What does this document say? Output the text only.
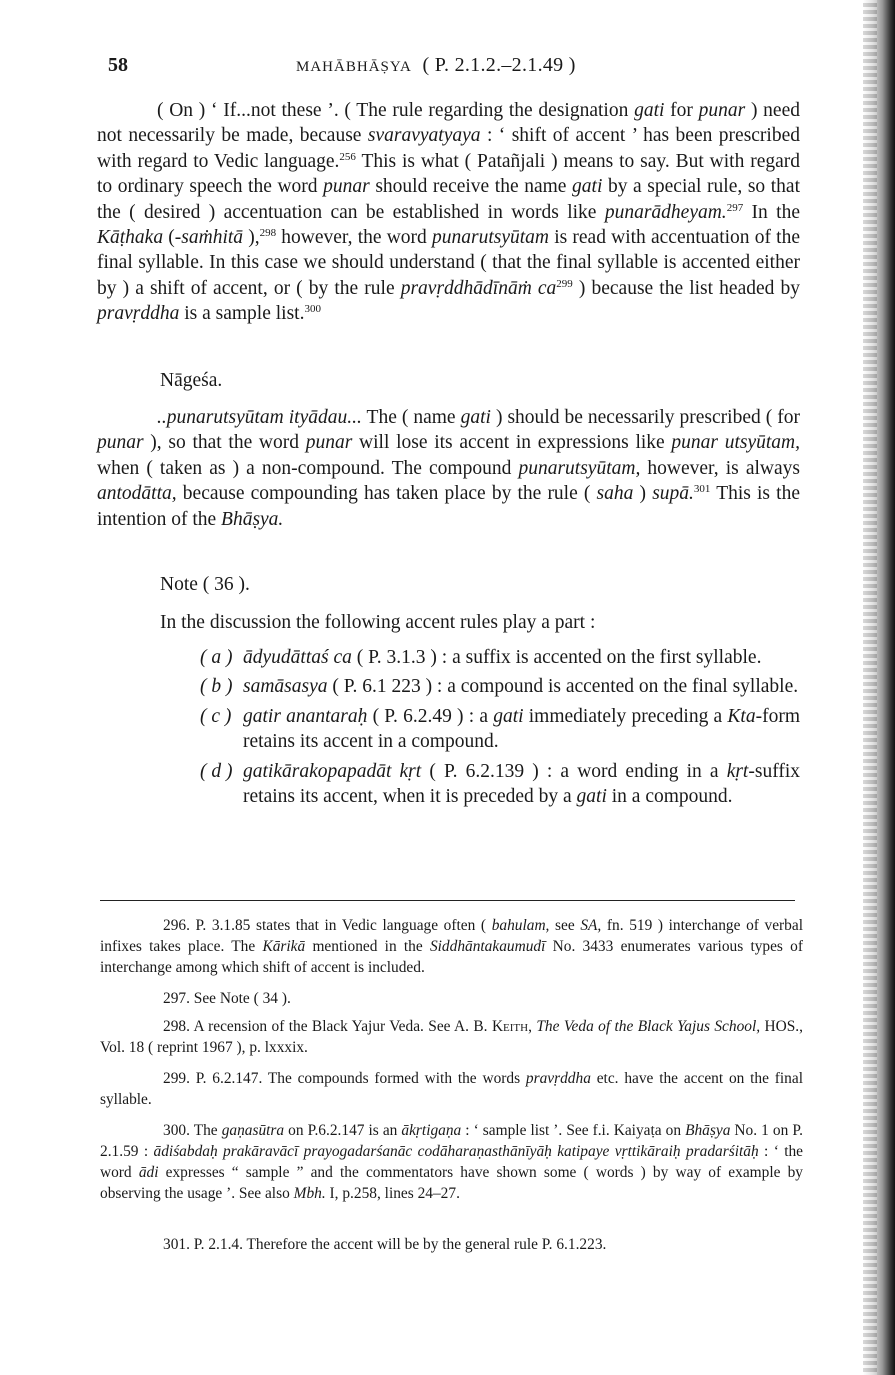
58	MAHĀBHĀṢYA ( P. 2.1.2.–2.1.49 )

( On ) ‘ If...not these ’. ( The rule regarding the designation gati for punar ) need not necessarily be made, because svaravyatyaya : ‘ shift of accent ’ has been prescribed with regard to Vedic language.$^{256}$ This is what ( Patañjali ) means to say. But with regard to ordinary speech the word punar should receive the name gati by a special rule, so that the ( desired ) accentuation can be established in words like punarādheyam.$^{297}$ In the Kāṭhaka (-saṁhitā ),$^{298}$ however, the word punarutsyūtam is read with accentuation of the final syllable. In this case we should understand ( that the final syllable is accented either by ) a shift of accent, or ( by the rule pravṛddhādīnāṁ $ca^{299}$ ) because the list headed by pravṛddha is a sample list.$^{300}$

Nāgeśa.

..punarutsyūtam ityādau... The ( name gati ) should be necessarily prescribed ( for punar ), so that the word punar will lose its accent in expressions like punar utsyūtam, when ( taken as ) a non-compound. The compound punarutsyūtam, however, is always antodātta, because compounding has taken place by the rule ( saha ) supā.$^{301}$ This is the intention of the Bhāṣya.

Note ( 36 ).

In the discussion the following accent rules play a part :

( a ) ādyudāttaś ca ( P. 3.1.3 ) : a suffix is accented on the first syllable.
( b ) samāsasya ( P. 6.1 223 ) : a compound is accented on the final syllable.
( c ) gatir anantaraḥ ( P. 6.2.49 ) : a gati immediately preceding a Kta-form retains its accent in a compound.
( d ) gatikārakopapadāt kṛt ( P. 6.2.139 ) : a word ending in a kṛt-suffix retains its accent, when it is preceded by a gati in a compound.

296. P. 3.1.85 states that in Vedic language often ( bahulam, see SA, fn. 519 ) interchange of verbal infixes takes place. The Kārikā mentioned in the Siddhāntakaumudī No. 3433 enumerates various types of interchange among which shift of accent is included.

297. See Note ( 34 ).

298. A recension of the Black Yajur Veda. See A. B. Keith, The Veda of the Black Yajus School, HOS., Vol. 18 ( reprint 1967 ), p. lxxxix.

299. P. 6.2.147. The compounds formed with the words pravṛddha etc. have the accent on the final syllable.

300. The gaṇasūtra on P.6.2.147 is an ākṛtigaṇa : ‘ sample list ’. See f.i. Kaiyaṭa on Bhāṣya No. 1 on P. 2.1.59 : ādiśabdaḥ prakāravācī prayogadarśanāc codāharaṇasthānīyāḥ katipaye vṛttikāraiḥ pradarśitāḥ : ‘ the word ādi expresses “ sample ” and the commentators have shown some ( words ) by way of example by observing the usage ’. See also Mbh. I, p.258, lines 24–27.

301. P. 2.1.4. Therefore the accent will be by the general rule P. 6.1.223.
